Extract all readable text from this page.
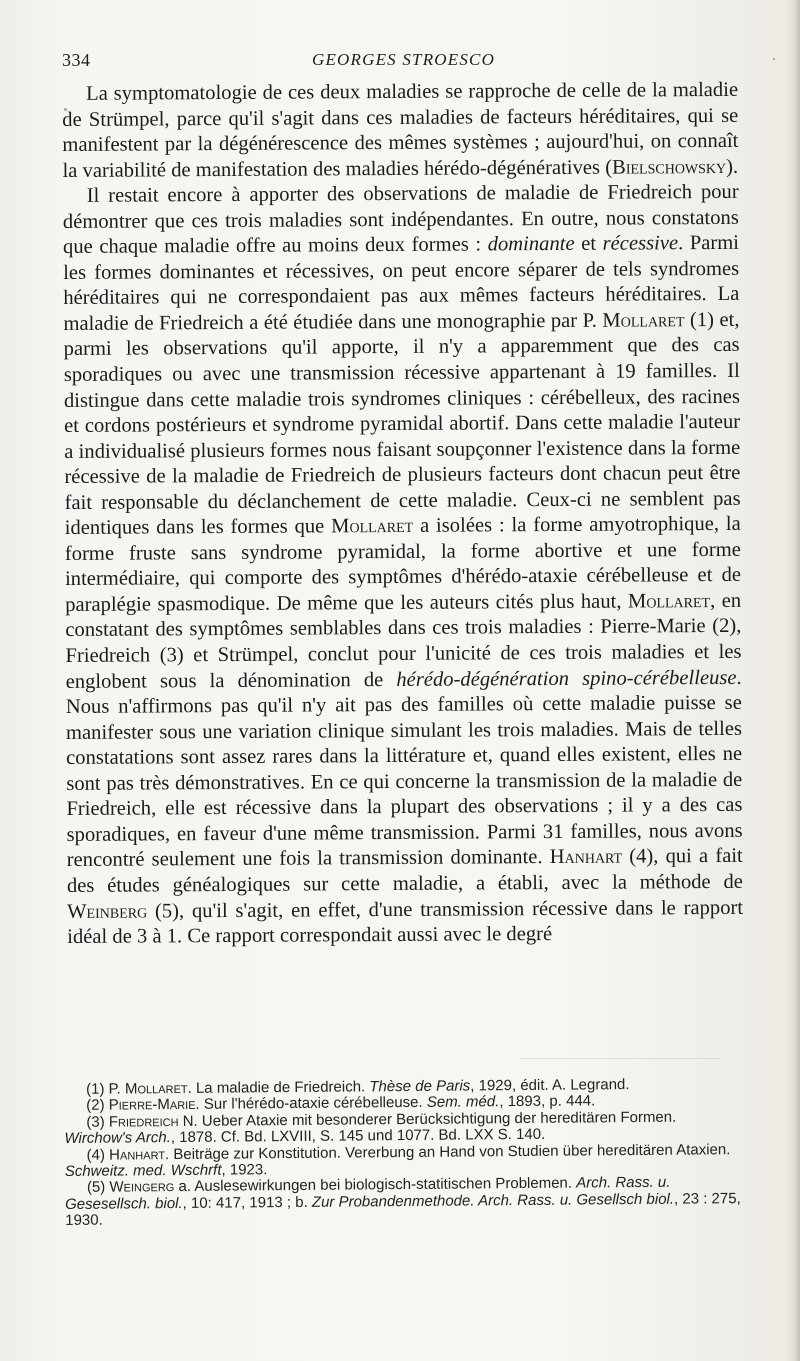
334	GEORGES STROESCO

La symptomatologie de ces deux maladies se rapproche de celle de la maladie de Strümpel, parce qu'il s'agit dans ces maladies de facteurs héréditaires, qui se manifestent par la dégénérescence des mêmes systèmes ; aujourd'hui, on connaît la variabilité de manifestation des maladies hérédo-dégénératives (Bielschowsky).

Il restait encore à apporter des observations de maladie de Friedreich pour démontrer que ces trois maladies sont indépendantes. En outre, nous constatons que chaque maladie offre au moins deux formes : dominante et récessive. Parmi les formes dominantes et récessives, on peut encore séparer de tels syndromes héréditaires qui ne correspondaient pas aux mêmes facteurs héréditaires. La maladie de Friedreich a été étudiée dans une monographie par P. Mollaret (1) et, parmi les observations qu'il apporte, il n'y a apparemment que des cas sporadiques ou avec une transmission récessive appartenant à 19 familles. Il distingue dans cette maladie trois syndromes cliniques : cérébelleux, des racines et cordons postérieurs et syndrome pyramidal abortif. Dans cette maladie l'auteur a individualisé plusieurs formes nous faisant soupçonner l'existence dans la forme récessive de la maladie de Friedreich de plusieurs facteurs dont chacun peut être fait responsable du déclanchement de cette maladie. Ceux-ci ne semblent pas identiques dans les formes que Mollaret a isolées : la forme amyotrophique, la forme fruste sans syndrome pyramidal, la forme abortive et une forme intermédiaire, qui comporte des symptômes d'hérédo-ataxie cérébelleuse et de paraplégie spasmodique. De même que les auteurs cités plus haut, Mollaret, en constatant des symptômes semblables dans ces trois maladies : Pierre-Marie (2), Friedreich (3) et Strümpel, conclut pour l'unicité de ces trois maladies et les englobent sous la dénomination de hérédo-dégénération spino-cérébelleuse. Nous n'affirmons pas qu'il n'y ait pas des familles où cette maladie puisse se manifester sous une variation clinique simulant les trois maladies. Mais de telles constatations sont assez rares dans la littérature et, quand elles existent, elles ne sont pas très démonstratives. En ce qui concerne la transmission de la maladie de Friedreich, elle est récessive dans la plupart des observations ; il y a des cas sporadiques, en faveur d'une même transmission. Parmi 31 familles, nous avons rencontré seulement une fois la transmission dominante. Hanhart (4), qui a fait des études généalogiques sur cette maladie, a établi, avec la méthode de Weinberg (5), qu'il s'agit, en effet, d'une transmission récessive dans le rapport idéal de 3 à 1. Ce rapport correspondait aussi avec le degré

(1) P. Mollaret. La maladie de Friedreich. Thèse de Paris, 1929, édit. A. Legrand.

(2) Pierre-Marie. Sur l'hérédo-ataxie cérébelleuse. Sem. méd., 1893, p. 444.

(3) Friedreich N. Ueber Ataxie mit besonderer Berücksichtigung der hereditären Formen. Wirchow's Arch., 1878. Cf. Bd. LXVIII, S. 145 und 1077. Bd. LXX S. 140.

(4) Hanhart. Beiträge zur Konstitution. Vererbung an Hand von Studien über hereditären Ataxien. Schweitz. med. Wschrft, 1923.

(5) Weingerg a. Auslesewirkungen bei biologisch-statitischen Problemen. Arch. Rass. u. Gesesellsch. biol., 10: 417, 1913 ; b. Zur Probandenmethode. Arch. Rass. u. Gesellsch biol., 23 : 275, 1930.
